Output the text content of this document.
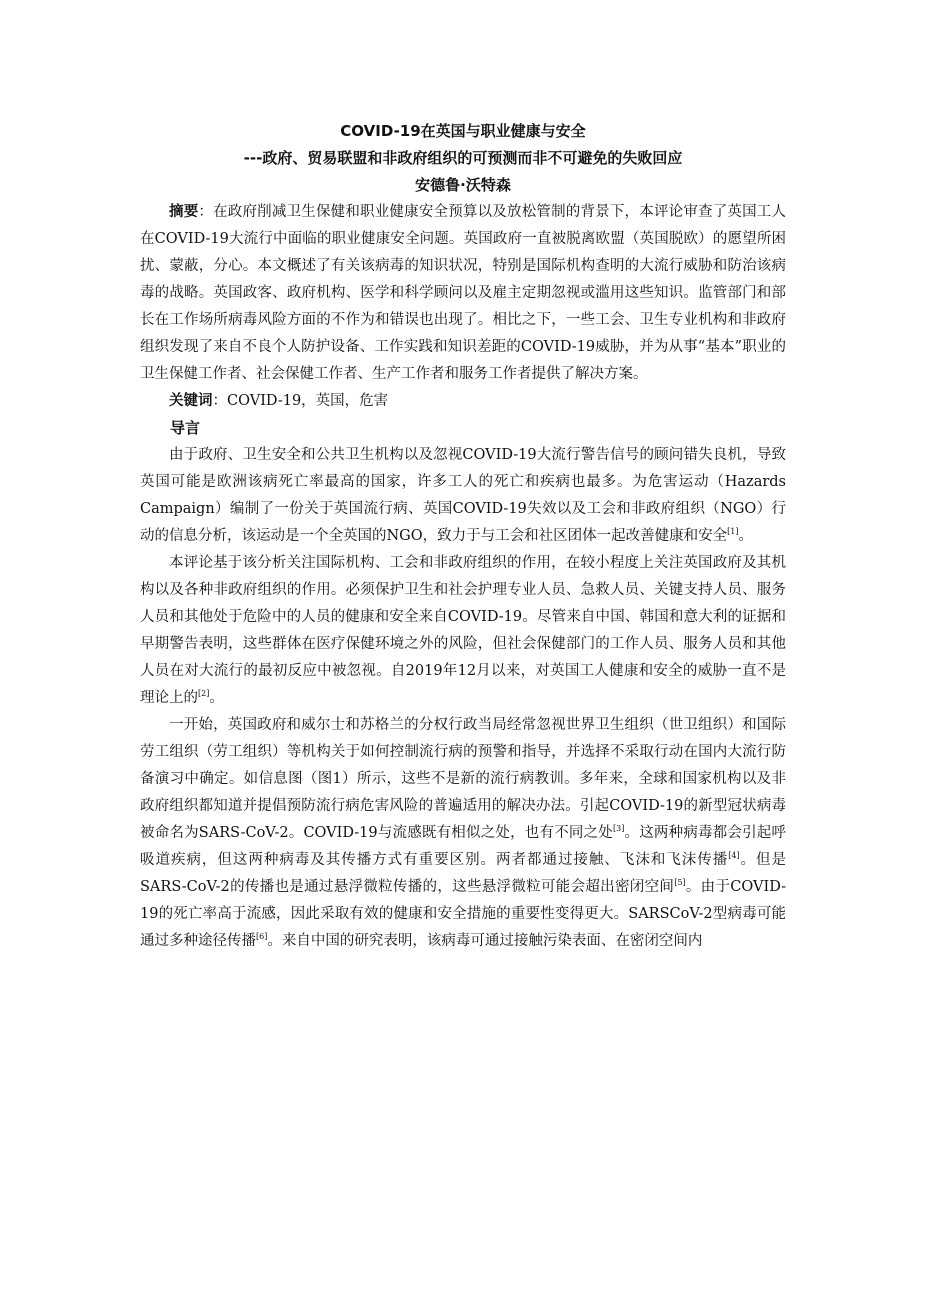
COVID-19在英国与职业健康与安全

---政府、贸易联盟和非政府组织的可预测而非不可避免的失败回应

安德鲁·沃特森

摘要：在政府削减卫生保健和职业健康安全预算以及放松管制的背景下，本评论审查了英国工人在COVID-19大流行中面临的职业健康安全问题。英国政府一直被脱离欧盟（英国脱欧）的愿望所困扰、蒙蔽，分心。本文概述了有关该病毒的知识状况，特别是国际机构查明的大流行威胁和防治该病毒的战略。英国政客、政府机构、医学和科学顾问以及雇主定期忽视或滥用这些知识。监管部门和部长在工作场所病毒风险方面的不作为和错误也出现了。相比之下，一些工会、卫生专业机构和非政府组织发现了来自不良个人防护设备、工作实践和知识差距的COVID-19威胁，并为从事“基本”职业的卫生保健工作者、社会保健工作者、生产工作者和服务工作者提供了解决方案。

关键词：COVID-19，英国，危害

导言

由于政府、卫生安全和公共卫生机构以及忽视COVID-19大流行警告信号的顾问错失良机，导致英国可能是欧洲该病死亡率最高的国家，许多工人的死亡和疾病也最多。为危害运动（Hazards Campaign）编制了一份关于英国流行病、英国COVID-19失效以及工会和非政府组织（NGO）行动的信息分析，该运动是一个全英国的NGO，致力于与工会和社区团体一起改善健康和安全[1]。

本评论基于该分析关注国际机构、工会和非政府组织的作用，在较小程度上关注英国政府及其机构以及各种非政府组织的作用。必须保护卫生和社会护理专业人员、急救人员、关键支持人员、服务人员和其他处于危险中的人员的健康和安全来自COVID-19。尽管来自中国、韩国和意大利的证据和早期警告表明，这些群体在医疗保健环境之外的风险，但社会保健部门的工作人员、服务人员和其他人员在对大流行的最初反应中被忽视。自2019年12月以来，对英国工人健康和安全的威胁一直不是理论上的[2]。

一开始，英国政府和威尔士和苏格兰的分权行政当局经常忽视世界卫生组织（世卫组织）和国际劳工组织（劳工组织）等机构关于如何控制流行病的预警和指导，并选择不采取行动在国内大流行防备演习中确定。如信息图（图1）所示，这些不是新的流行病教训。多年来，全球和国家机构以及非政府组织都知道并提倡预防流行病危害风险的普遍适用的解决办法。引起COVID-19的新型冠状病毒被命名为SARS-CoV-2。COVID-19与流感既有相似之处，也有不同之处[3]。这两种病毒都会引起呼吸道疾病，但这两种病毒及其传播方式有重要区别。两者都通过接触、飞沫和飞沫传播[4]。但是SARS-CoV-2的传播也是通过悬浮微粒传播的，这些悬浮微粒可能会超出密闭空间[5]。由于COVID-19的死亡率高于流感，因此采取有效的健康和安全措施的重要性变得更大。SARSCoV-2型病毒可能通过多种途径传播[6]。来自中国的研究表明，该病毒可通过接触污染表面、在密闭空间内
